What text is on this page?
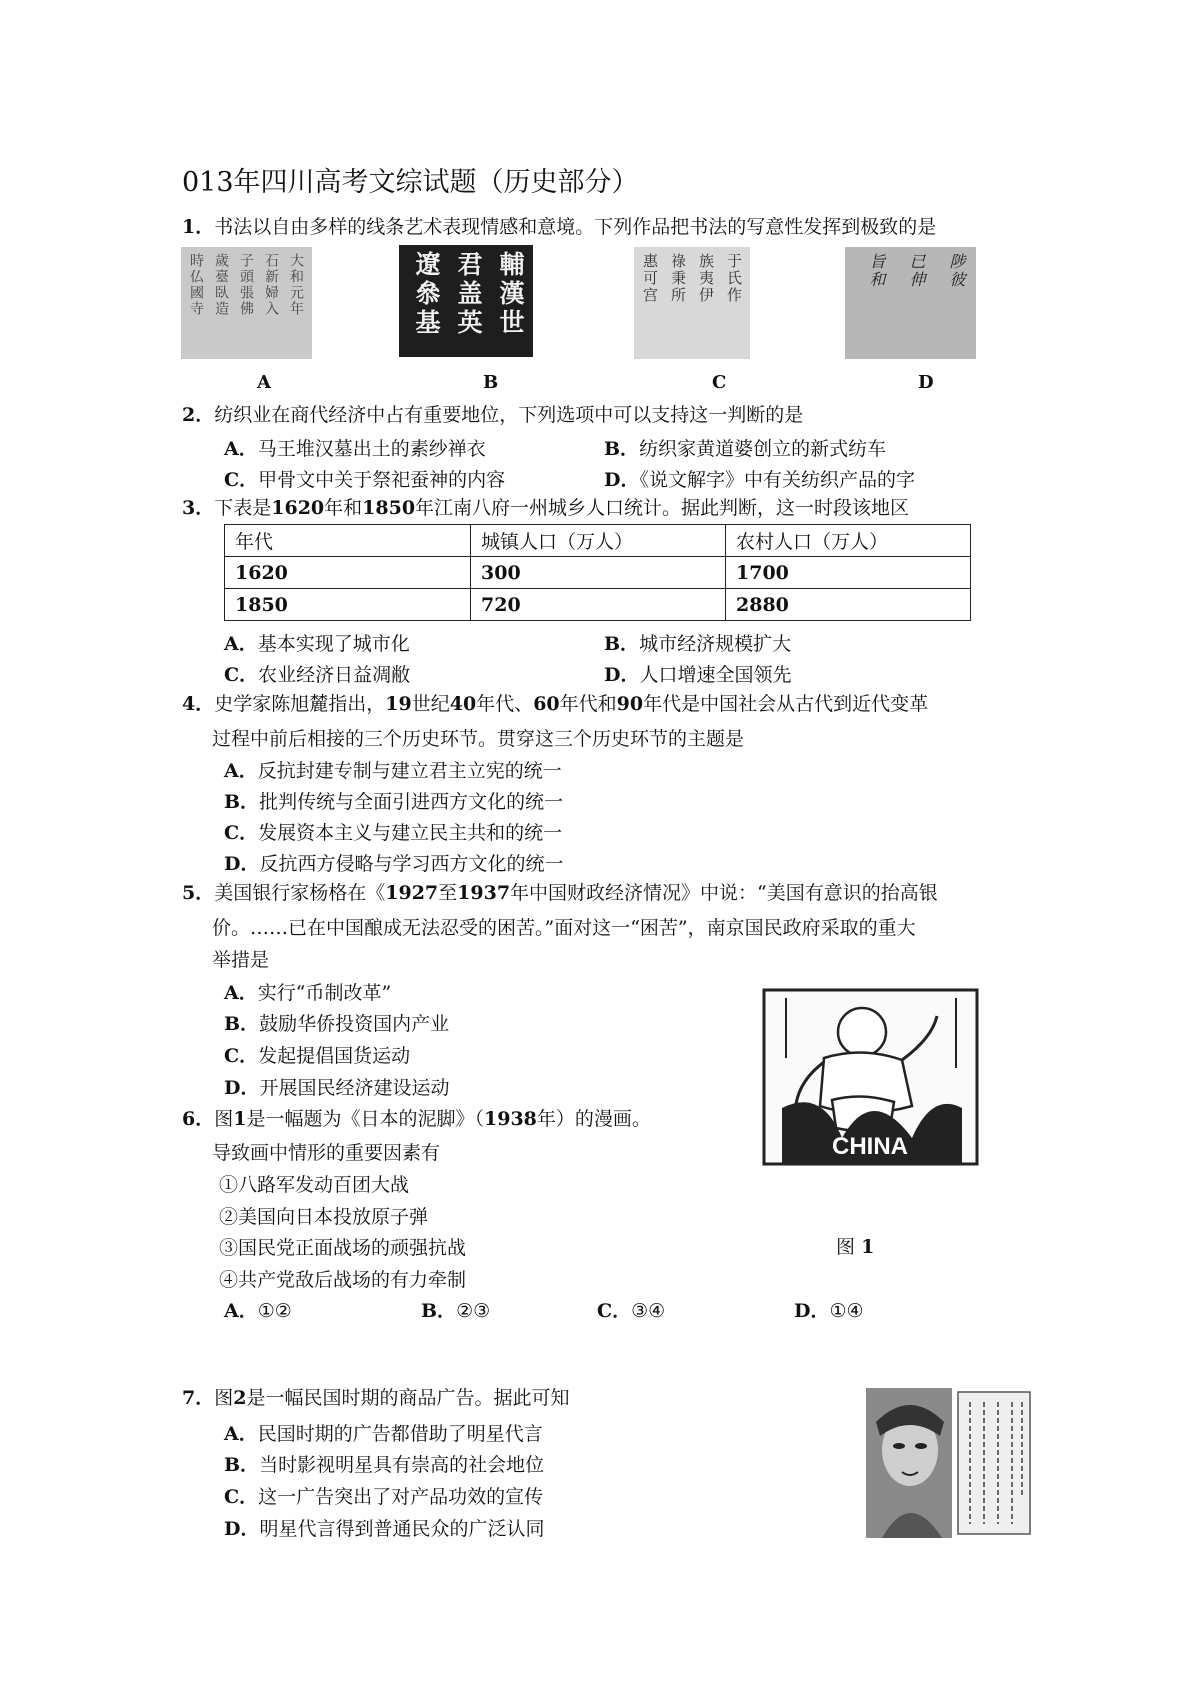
013年四川高考文综试题（历史部分）
1．书法以自由多样的线条艺术表现情感和意境。下列作品把书法的写意性发挥到极致的是
大和元年
石新婦入
子頭張佛
歲臺臥造
時仏國寺	輔漢世
君盖英
遼叅基	于氏作
族夷伊
祿秉所
惠可宫	陟彼
已伸
旨和
A	B	C	D
2．纺织业在商代经济中占有重要地位，下列选项中可以支持这一判断的是
A．马王堆汉墓出土的素纱禅衣	B．纺织家黄道婆创立的新式纺车
C．甲骨文中关于祭祀蚕神的内容	D．《说文解字》中有关纺织产品的字
3．下表是1620年和1850年江南八府一州城乡人口统计。据此判断，这一时段该地区
年代	城镇人口（万人）	农村人口（万人）
1620	300	1700
1850	720	2880
A．基本实现了城市化	B．城市经济规模扩大
C．农业经济日益凋敝	D．人口增速全国领先
4．史学家陈旭麓指出，19世纪40年代、60年代和90年代是中国社会从古代到近代变革
过程中前后相接的三个历史环节。贯穿这三个历史环节的主题是
A．反抗封建专制与建立君主立宪的统一
B．批判传统与全面引进西方文化的统一
C．发展资本主义与建立民主共和的统一
D．反抗西方侵略与学习西方文化的统一
5．美国银行家杨格在《1927至1937年中国财政经济情况》中说：“美国有意识的抬高银
价。……已在中国酿成无法忍受的困苦。”面对这一“困苦”，南京国民政府采取的重大
举措是
A．实行“币制改革”
B．鼓励华侨投资国内产业
C．发起提倡国货运动
D．开展国民经济建设运动
CHINA
6．图1是一幅题为《日本的泥脚》（1938年）的漫画。
导致画中情形的重要因素有
①八路军发动百团大战
②美国向日本投放原子弹
③国民党正面战场的顽强抗战
④共产党敌后战场的有力牵制
图 1
A．①②	B．②③	C．③④	D．①④
7．图2是一幅民国时期的商品广告。据此可知
A．民国时期的广告都借助了明星代言
B．当时影视明星具有崇高的社会地位
C．这一广告突出了对产品功效的宣传
D．明星代言得到普通民众的广泛认同
